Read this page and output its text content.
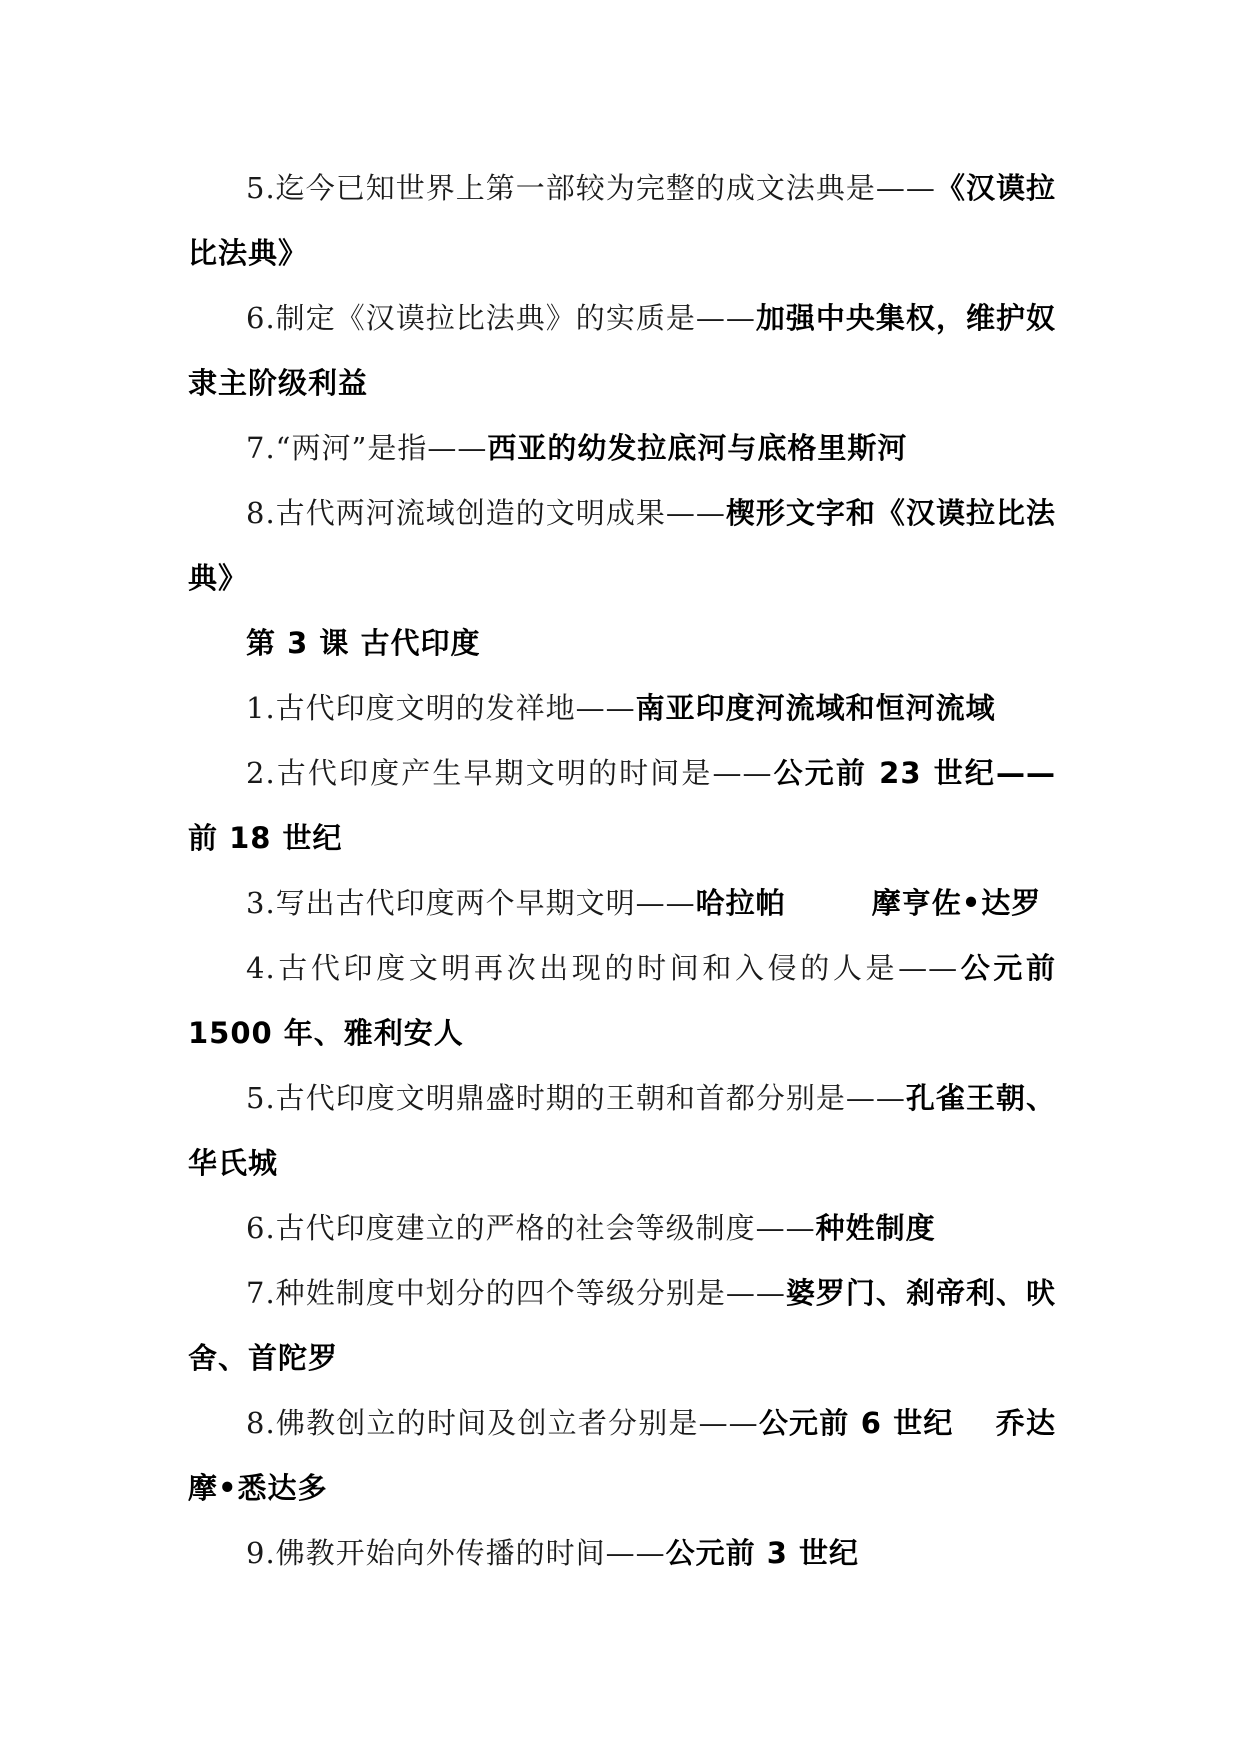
5.迄今已知世界上第一部较为完整的成文法典是——《汉谟拉比法典》

6.制定《汉谟拉比法典》的实质是——加强中央集权，维护奴隶主阶级利益

7.“两河”是指——西亚的幼发拉底河与底格里斯河

8.古代两河流域创造的文明成果——楔形文字和《汉谟拉比法典》

第 3 课 古代印度

1.古代印度文明的发祥地——南亚印度河流域和恒河流域

2.古代印度产生早期文明的时间是——公元前 23 世纪——前 18 世纪

3.写出古代印度两个早期文明——哈拉帕	摩亨佐•达罗

4.古代印度文明再次出现的时间和入侵的人是——公元前 1500 年、雅利安人

5.古代印度文明鼎盛时期的王朝和首都分别是——孔雀王朝、华氏城

6.古代印度建立的严格的社会等级制度——种姓制度

7.种姓制度中划分的四个等级分别是——婆罗门、刹帝利、吠舍、首陀罗

8.佛教创立的时间及创立者分别是——公元前 6 世纪 乔达摩•悉达多

9.佛教开始向外传播的时间——公元前 3 世纪
